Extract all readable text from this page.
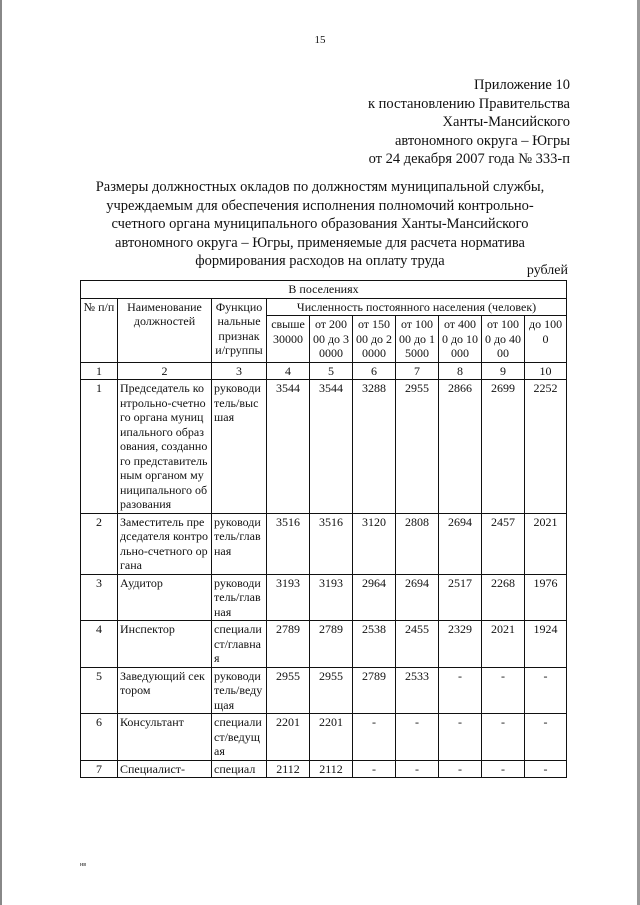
15
Приложение 10
к постановлению Правительства
Ханты-Мансийского
автономного округа – Югры
от 24 декабря 2007 года № 333-п
Размеры должностных окладов по должностям муниципальной службы,
учреждаемым для обеспечения исполнения полномочий контрольно-
счетного органа муниципального образования Ханты-Мансийского
автономного округа – Югры, применяемые для расчета норматива
формирования расходов на оплату труда
рублей
В поселениях									
№ п/п	Наименование должностей	Функциональные признаки/группы	Численность постоянного населения (человек)						
			свыше 30000	от 20000 до 30000	от 15000 до 20000	от 10000 до 15000	от 4000 до 10000	от 1000 до 4000	до 1000
1	2	3	4	5	6	7	8	9	10
1	Председатель контрольно-счетного органа муниципального образования, созданного представительным органом муниципального образования	руководитель/высшая	3544	3544	3288	2955	2866	2699	2252
2	Заместитель председателя контрольно-счетного органа	руководитель/главная	3516	3516	3120	2808	2694	2457	2021
3	Аудитор	руководитель/главная	3193	3193	2964	2694	2517	2268	1976
4	Инспектор	специалист/главная	2789	2789	2538	2455	2329	2021	1924
5	Заведующий сектором	руководитель/ведущая	2955	2955	2789	2533	-	-	-
6	Консультант	специалист/ведущая	2201	2201	-	-	-	-	-
7	Специалист-	специал	2112	2112	-	-	-	-	-
нв
